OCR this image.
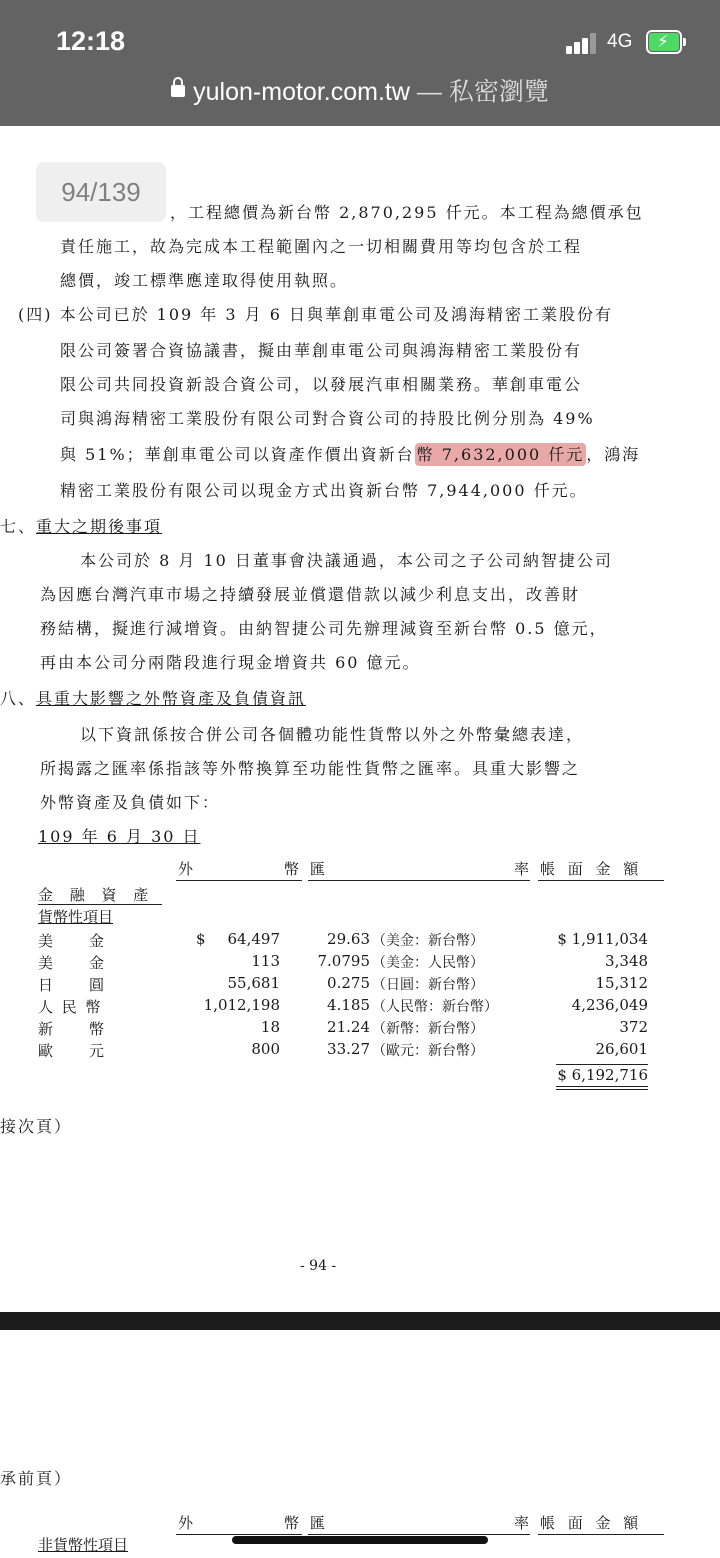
12:18	4G ⚡
yulon-motor.com.tw — 私密瀏覽
，工程總價為新台幣 2,870,295 仟元。本工程為總價承包
責任施工，故為完成本工程範圍內之一切相關費用等均包含於工程
總價，竣工標準應達取得使用執照。
(四) 本公司已於 109 年 3 月 6 日與華創車電公司及鴻海精密工業股份有
限公司簽署合資協議書，擬由華創車電公司與鴻海精密工業股份有
限公司共同投資新設合資公司，以發展汽車相關業務。華創車電公
司與鴻海精密工業股份有限公司對合資公司的持股比例分別為 49%
與 51%；華創車電公司以資產作價出資新台 幣 7,632,000 仟元 ，鴻海
精密工業股份有限公司以現金方式出資新台幣 7,944,000 仟元。
七、重大之期後事項
本公司於 8 月 10 日董事會決議通過，本公司之子公司納智捷公司
為因應台灣汽車市場之持續發展並償還借款以減少利息支出，改善財
務結構，擬進行減增資。由納智捷公司先辦理減資至新台幣 0.5 億元，
再由本公司分兩階段進行現金增資共 60 億元。
八、具重大影響之外幣資產及負債資訊
以下資訊係按合併公司各個體功能性貨幣以外之外幣彙總表達，
所揭露之匯率係指該等外幣換算至功能性貨幣之匯率。具重大影響之
外幣資產及負債如下：
109 年 6 月 30 日
外	幣 匯	率 帳 面 金 額
金 融 資 產
貨幣性項目
$
美　　金	64,497	29.63 （美金：新台幣）	$ 1,911,034
美　　金	113	7.0795 （美金：人民幣）	3,348
日　　圓	55,681	0.275 （日圓：新台幣）	15,312
人 民 幣	1,012,198	4.185 （人民幣：新台幣）	4,236,049
新　　幣	18	21.24 （新幣：新台幣）	372
歐　　元	800	33.27 （歐元：新台幣）	26,601
$ 6,192,716
接次頁）
- 94 -
94/139
承前頁）
外	幣 匯	率 帳 面 金 額
非貨幣性項目
